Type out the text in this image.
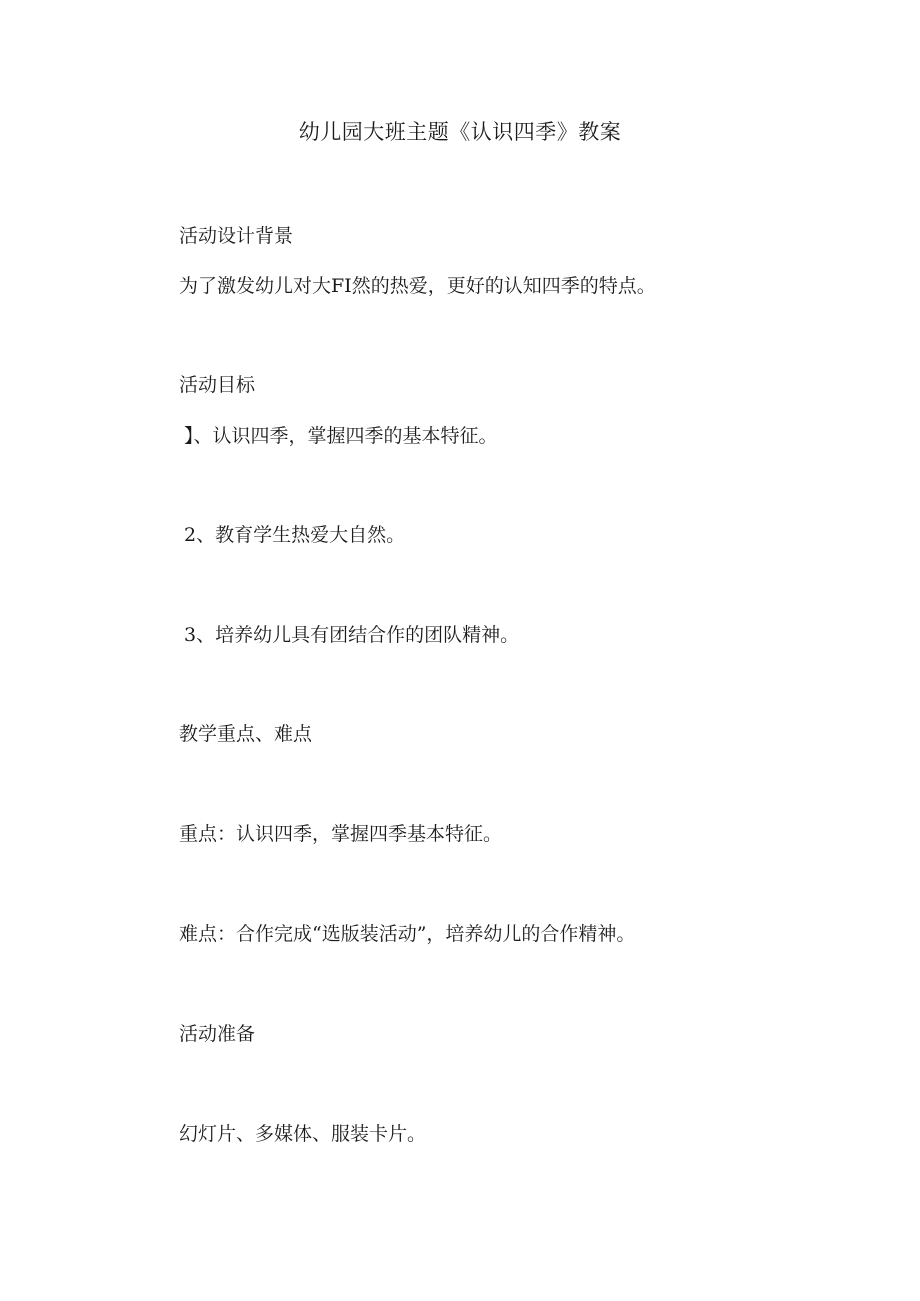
幼儿园大班主题《认识四季》教案
活动设计背景
为了激发幼儿对大FI然的热爱，更好的认知四季的特点。
活动目标
】、认识四季，掌握四季的基本特征。
2、教育学生热爱大自然。
3、培养幼儿具有团结合作的团队精神。
教学重点、难点
重点：认识四季，掌握四季基本特征。
难点：合作完成“选版装活动”，培养幼儿的合作精神。
活动准备
幻灯片、多媒体、服装卡片。
